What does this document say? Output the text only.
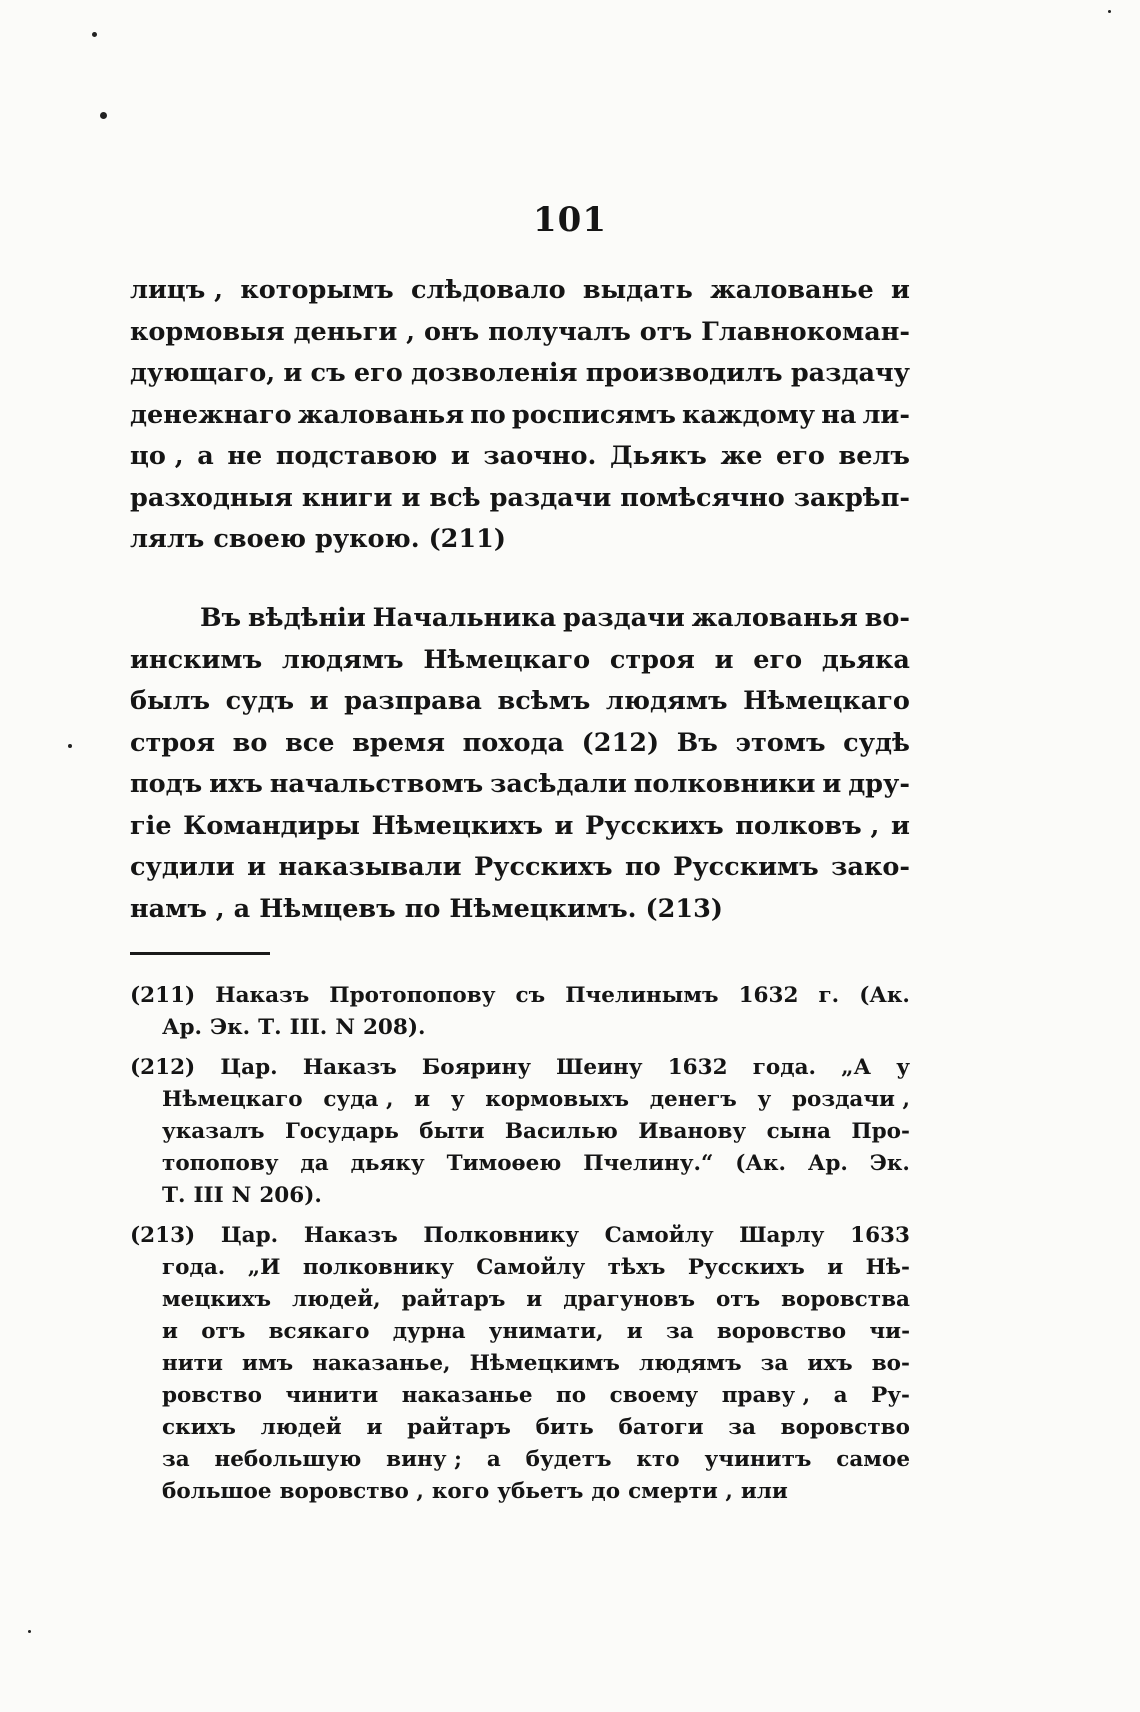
101
лицъ , которымъ слѣдовало выдать жалованье и
кормовыя деньги , онъ получалъ отъ Главнокоман-
дующаго, и съ его дозволенія производилъ раздачу
денежнаго жалованья по росписямъ каждому на ли-
цо , а не подставою и заочно. Дьякъ же его велъ
разходныя книги и всѣ раздачи помѣсячно закрѣп-
лялъ своею рукою. (211)
Въ вѣдѣніи Начальника раздачи жалованья во-
инскимъ людямъ Нѣмецкаго строя и его дьяка
былъ судъ и разправа всѣмъ людямъ Нѣмецкаго
строя во все время похода (212) Въ этомъ судѣ
подъ ихъ начальствомъ засѣдали полковники и дру-
гіе Командиры Нѣмецкихъ и Русскихъ полковъ , и
судили и наказывали Русскихъ по Русскимъ зако-
намъ , а Нѣмцевъ по Нѣмецкимъ. (213)
(211) Наказъ Протопопову съ Пчелинымъ 1632 г. (Ак.
Ар. Эк. Т. III. N 208).
(212) Цар. Наказъ Боярину Шеину 1632 года. „А у
Нѣмецкаго суда , и у кормовыхъ денегъ у роздачи ,
указалъ Государь быти Василью Иванову сына Про-
топопову да дьяку Тимоѳею Пчелину.“ (Ак. Ар. Эк.
Т. III N 206).
(213) Цар. Наказъ Полковнику Самойлу Шарлу 1633
года. „И полковнику Самойлу тѣхъ Русскихъ и Нѣ-
мецкихъ людей, райтаръ и драгуновъ отъ воровства
и отъ всякаго дурна унимати, и за воровство чи-
нити имъ наказанье, Нѣмецкимъ людямъ за ихъ во-
ровство чинити наказанье по своему праву , а Ру-
скихъ людей и райтаръ бить батоги за воровство
за небольшую вину ; а будетъ кто учинитъ самое
большое воровство , кого убьетъ до смерти , или
